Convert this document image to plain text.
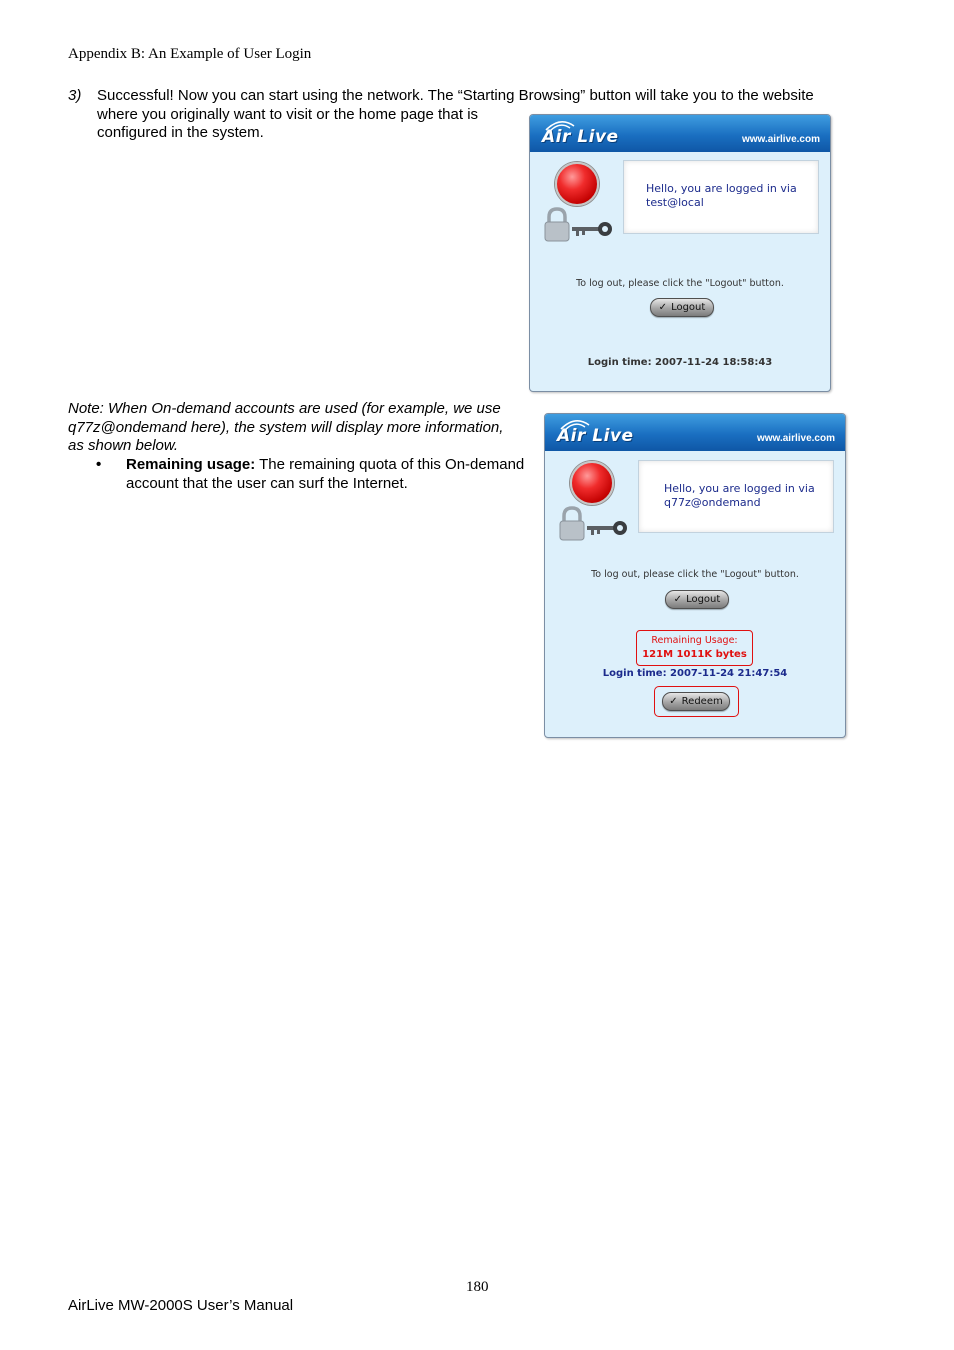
Appendix B: An Example of User Login
3) Successful! Now you can start using the network. The “Starting Browsing” button will take you to the website
where you originally want to visit or the home page that is
configured in the system.
Note: When On-demand accounts are used (for example, we use q77z@ondemand here), the system will display more information, as shown below.
• Remaining usage: The remaining quota of this On-demand account that the user can surf the Internet.
Air Live	www.airlive.com
Hello, you are logged in via
test@local
To log out, please click the "Logout" button.
✓ Logout
Login time: 2007-11-24 18:58:43
Air Live	www.airlive.com
Hello, you are logged in via
q77z@ondemand
To log out, please click the "Logout" button.
✓ Logout
Remaining Usage:
121M 1011K bytes
Login time: 2007-11-24 21:47:54
✓ Redeem
180
AirLive MW-2000S User’s Manual
